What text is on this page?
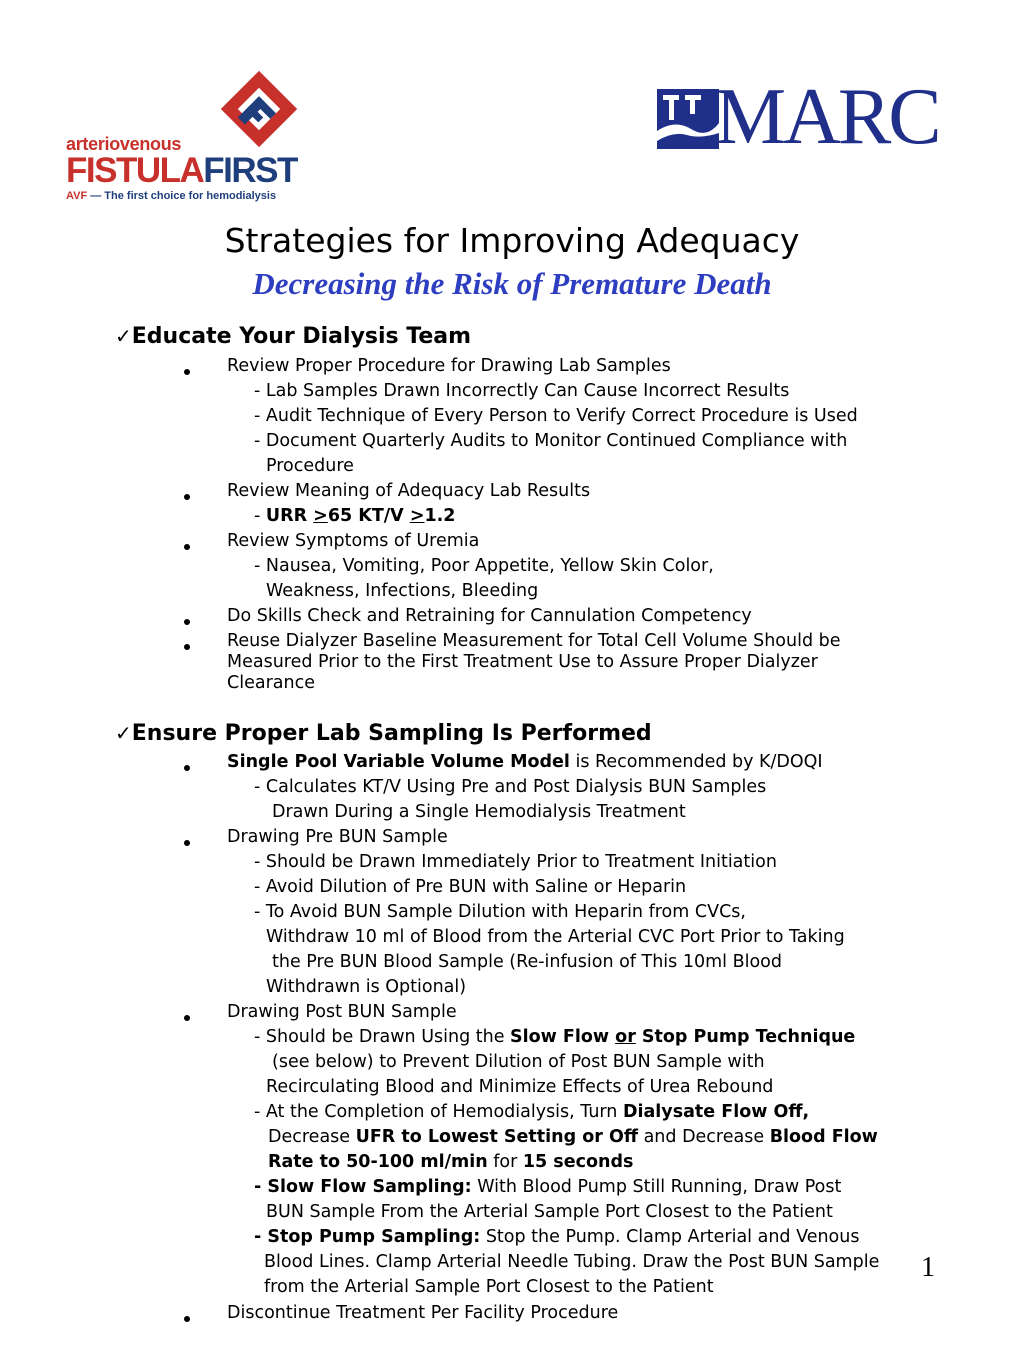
arteriovenous
FISTULAFIRST
AVF — The first choice for hemodialysis
MARC
Strategies for Improving Adequacy
Decreasing the Risk of Premature Death
✓Educate Your Dialysis Team
Review Proper Procedure for Drawing Lab Samples
- Lab Samples Drawn Incorrectly Can Cause Incorrect Results
- Audit Technique of Every Person to Verify Correct Procedure is Used
- Document Quarterly Audits to Monitor Continued Compliance with
Procedure
Review Meaning of Adequacy Lab Results
- URR >65 KT/V >1.2
Review Symptoms of Uremia
- Nausea, Vomiting, Poor Appetite, Yellow Skin Color,
Weakness, Infections, Bleeding
Do Skills Check and Retraining for Cannulation Competency
Reuse Dialyzer Baseline Measurement for Total Cell Volume Should be
Measured Prior to the First Treatment Use to Assure Proper Dialyzer
Clearance
✓Ensure Proper Lab Sampling Is Performed
Single Pool Variable Volume Model is Recommended by K/DOQI
- Calculates KT/V Using Pre and Post Dialysis BUN Samples
Drawn During a Single Hemodialysis Treatment
Drawing Pre BUN Sample
- Should be Drawn Immediately Prior to Treatment Initiation
- Avoid Dilution of Pre BUN with Saline or Heparin
- To Avoid BUN Sample Dilution with Heparin from CVCs,
Withdraw 10 ml of Blood from the Arterial CVC Port Prior to Taking
the Pre BUN Blood Sample (Re-infusion of This 10ml Blood
Withdrawn is Optional)
Drawing Post BUN Sample
- Should be Drawn Using the Slow Flow or Stop Pump Technique
(see below) to Prevent Dilution of Post BUN Sample with
Recirculating Blood and Minimize Effects of Urea Rebound
- At the Completion of Hemodialysis, Turn Dialysate Flow Off,
Decrease UFR to Lowest Setting or Off and Decrease Blood Flow
Rate to 50-100 ml/min for 15 seconds
- Slow Flow Sampling: With Blood Pump Still Running, Draw Post
BUN Sample From the Arterial Sample Port Closest to the Patient
- Stop Pump Sampling: Stop the Pump. Clamp Arterial and Venous
Blood Lines. Clamp Arterial Needle Tubing. Draw the Post BUN Sample
from the Arterial Sample Port Closest to the Patient
Discontinue Treatment Per Facility Procedure
1
